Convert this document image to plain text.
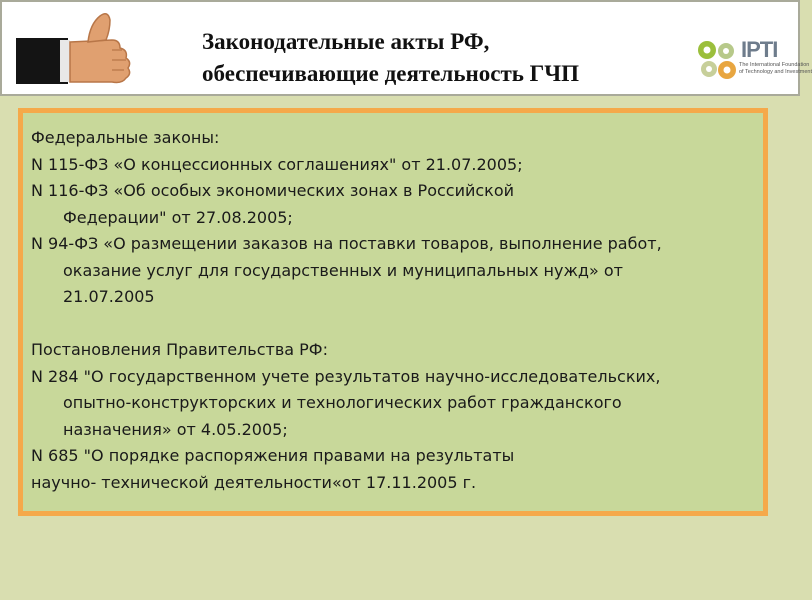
Законодательные акты РФ,
обеспечивающие деятельность ГЧП
IPTI
The International Foundation
of Technology and Investment

Федеральные законы:

N 115-ФЗ «О концессионных соглашениях" от 21.07.2005;

N 116-ФЗ «Об особых экономических зонах в Российской

Федерации" от 27.08.2005;

N 94-ФЗ «О размещении заказов на поставки товаров, выполнение работ,

оказание услуг для государственных и муниципальных нужд» от

21.07.2005

Постановления Правительства РФ:

N 284 "О государственном учете результатов научно-исследовательских,

опытно-конструкторских и технологических работ гражданского

назначения» от 4.05.2005;

N 685 "О порядке распоряжения правами на результаты

научно- технической деятельности«от 17.11.2005 г.
